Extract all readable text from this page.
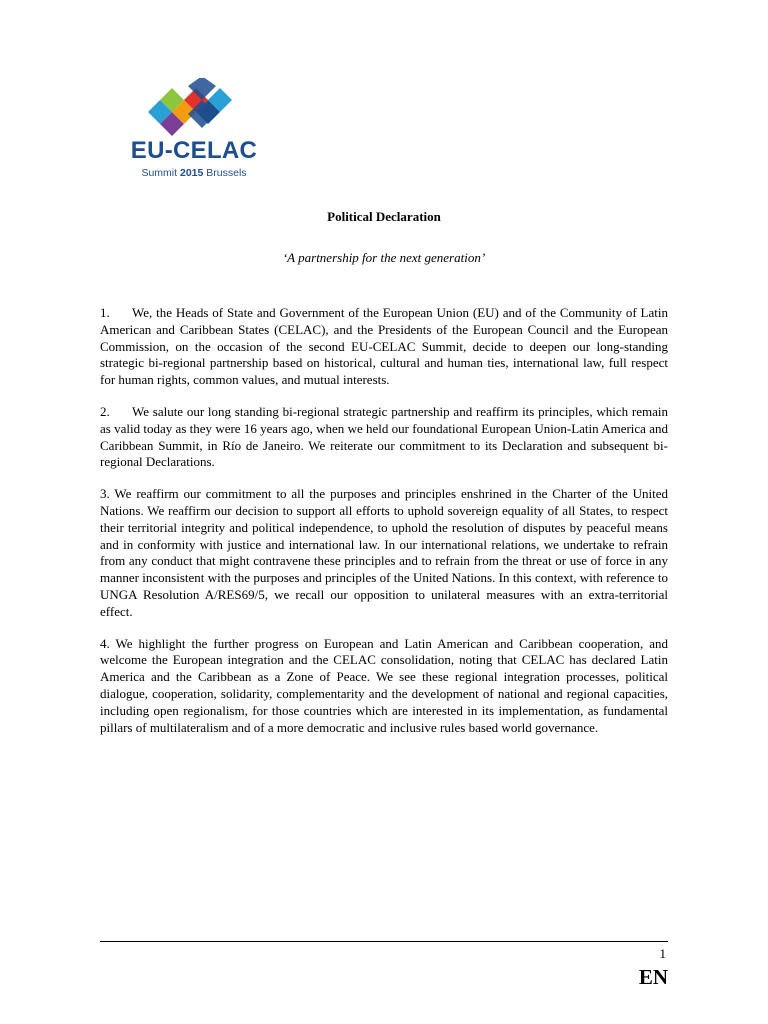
EU-CELAC
Summit 2015 Brussels
Political Declaration
‘A partnership for the next generation’

1. We, the Heads of State and Government of the European Union (EU) and of the Community of Latin American and Caribbean States (CELAC), and the Presidents of the European Council and the European Commission, on the occasion of the second EU-CELAC Summit, decide to deepen our long-standing strategic bi-regional partnership based on historical, cultural and human ties, international law, full respect for human rights, common values, and mutual interests.

2. We salute our long standing bi-regional strategic partnership and reaffirm its principles, which remain as valid today as they were 16 years ago, when we held our foundational European Union-Latin America and Caribbean Summit, in Río de Janeiro. We reiterate our commitment to its Declaration and subsequent bi-regional Declarations.

3. We reaffirm our commitment to all the purposes and principles enshrined in the Charter of the United Nations. We reaffirm our decision to support all efforts to uphold sovereign equality of all States, to respect their territorial integrity and political independence, to uphold the resolution of disputes by peaceful means and in conformity with justice and international law. In our international relations, we undertake to refrain from any conduct that might contravene these principles and to refrain from the threat or use of force in any manner inconsistent with the purposes and principles of the United Nations. In this context, with reference to UNGA Resolution A/RES69/5, we recall our opposition to unilateral measures with an extra-territorial effect.

4. We highlight the further progress on European and Latin American and Caribbean cooperation, and welcome the European integration and the CELAC consolidation, noting that CELAC has declared Latin America and the Caribbean as a Zone of Peace. We see these regional integration processes, political dialogue, cooperation, solidarity, complementarity and the development of national and regional capacities, including open regionalism, for those countries which are interested in its implementation, as fundamental pillars of multilateralism and of a more democratic and inclusive rules based world governance.

1
EN
